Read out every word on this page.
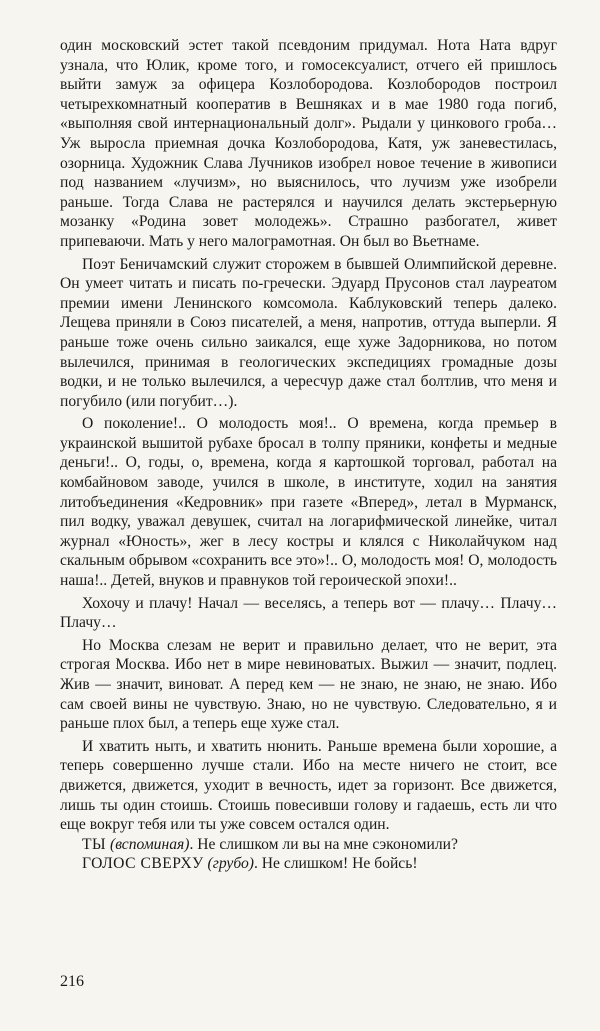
один московский эстет такой псевдоним придумал. Нота Ната вдруг узнала, что Юлик, кроме того, и гомосексуалист, отчего ей пришлось выйти замуж за офицера Козлобородова. Козлобородов построил четырехкомнатный кооператив в Вешняках и в мае 1980 года погиб, «выполняя свой интернациональный долг». Рыдали у цинкового гроба… Уж выросла приемная дочка Козлобородова, Катя, уж заневестилась, озорница. Художник Слава Лучников изобрел новое течение в живописи под названием «лучизм», но выяснилось, что лучизм уже изобрели раньше. Тогда Слава не растерялся и научился делать экстерьерную мозанку «Родина зовет молодежь». Страшно разбогател, живет припеваючи. Мать у него малограмотная. Он был во Вьетнаме.

Поэт Беничамский служит сторожем в бывшей Олимпийской деревне. Он умеет читать и писать по-гречески. Эдуард Прусонов стал лауреатом премии имени Ленинского комсомола. Каблуковский теперь далеко. Лещева приняли в Союз писателей, а меня, напротив, оттуда выперли. Я раньше тоже очень сильно заикался, еще хуже Задорникова, но потом вылечился, принимая в геологических экспедициях громадные дозы водки, и не только вылечился, а чересчур даже стал болтлив, что меня и погубило (или погубит…).

О поколение!.. О молодость моя!.. О времена, когда премьер в украинской вышитой рубахе бросал в толпу пряники, конфеты и медные деньги!.. О, годы, о, времена, когда я картошкой торговал, работал на комбайновом заводе, учился в школе, в институте, ходил на занятия литобъединения «Кедровник» при газете «Вперед», летал в Мурманск, пил водку, уважал девушек, считал на логарифмической линейке, читал журнал «Юность», жег в лесу костры и клялся с Николайчуком над скальным обрывом «сохранить все это»!.. О, молодость моя! О, молодость наша!.. Детей, внуков и правнуков той героической эпохи!..

Хохочу и плачу! Начал — веселясь, а теперь вот — плачу… Плачу… Плачу…

Но Москва слезам не верит и правильно делает, что не верит, эта строгая Москва. Ибо нет в мире невиноватых. Выжил — значит, подлец. Жив — значит, виноват. А перед кем — не знаю, не знаю, не знаю. Ибо сам своей вины не чувствую. Знаю, но не чувствую. Следовательно, я и раньше плох был, а теперь еще хуже стал.

И хватить ныть, и хватить нюнить. Раньше времена были хорошие, а теперь совершенно лучше стали. Ибо на месте ничего не стоит, все движется, движется, уходит в вечность, идет за горизонт. Все движется, лишь ты один стоишь. Стоишь повесивши голову и гадаешь, есть ли что еще вокруг тебя или ты уже совсем остался один.

ТЫ (вспоминая). Не слишком ли вы на мне сэкономили?

ГОЛОС СВЕРХУ (грубо). Не слишком! Не бойсь!

216
